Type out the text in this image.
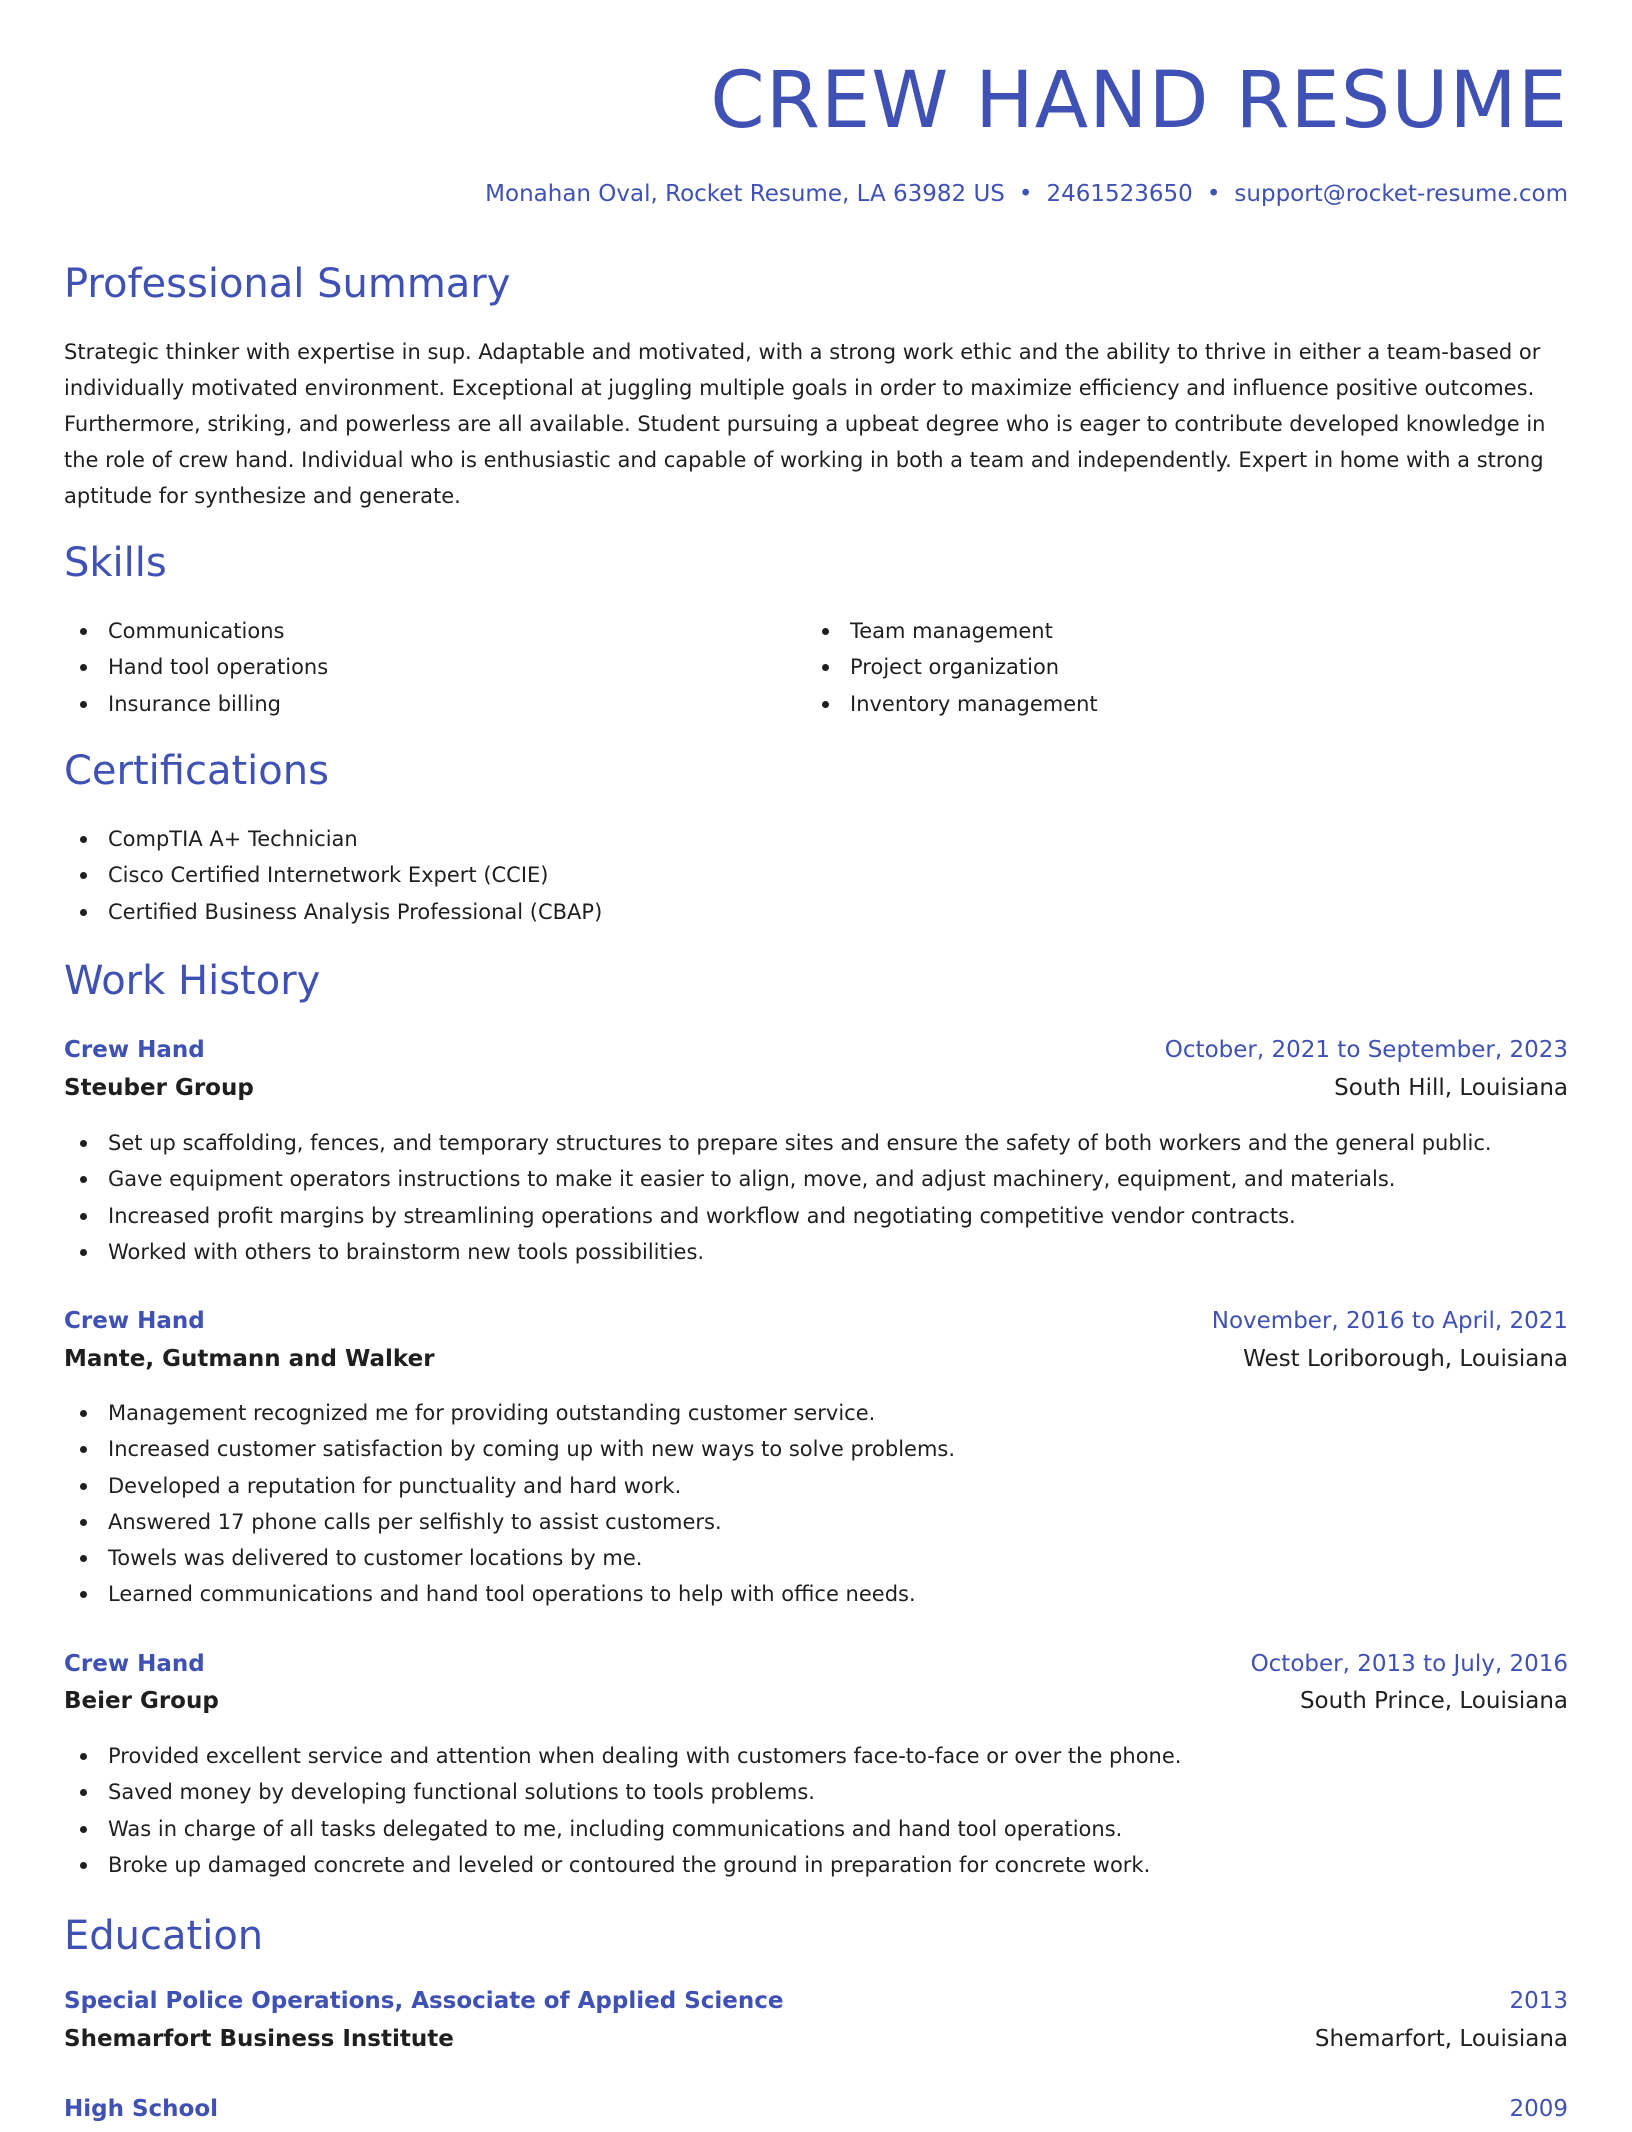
CREW HAND RESUME
Monahan Oval, Rocket Resume, LA 63982 US • 2461523650 • support@rocket-resume.com
Professional Summary
Strategic thinker with expertise in sup. Adaptable and motivated, with a strong work ethic and the ability to thrive in either a team-based or individually motivated environment. Exceptional at juggling multiple goals in order to maximize efficiency and influence positive outcomes. Furthermore, striking, and powerless are all available. Student pursuing a upbeat degree who is eager to contribute developed knowledge in the role of crew hand. Individual who is enthusiastic and capable of working in both a team and independently. Expert in home with a strong aptitude for synthesize and generate.
Skills
Communications
Hand tool operations
Insurance billing
Team management
Project organization
Inventory management
Certifications
CompTIA A+ Technician
Cisco Certified Internetwork Expert (CCIE)
Certified Business Analysis Professional (CBAP)
Work History
Crew Hand	October, 2021 to September, 2023
Steuber Group	South Hill, Louisiana
Set up scaffolding, fences, and temporary structures to prepare sites and ensure the safety of both workers and the general public.
Gave equipment operators instructions to make it easier to align, move, and adjust machinery, equipment, and materials.
Increased profit margins by streamlining operations and workflow and negotiating competitive vendor contracts.
Worked with others to brainstorm new tools possibilities.
Crew Hand	November, 2016 to April, 2021
Mante, Gutmann and Walker	West Loriborough, Louisiana
Management recognized me for providing outstanding customer service.
Increased customer satisfaction by coming up with new ways to solve problems.
Developed a reputation for punctuality and hard work.
Answered 17 phone calls per selfishly to assist customers.
Towels was delivered to customer locations by me.
Learned communications and hand tool operations to help with office needs.
Crew Hand	October, 2013 to July, 2016
Beier Group	South Prince, Louisiana
Provided excellent service and attention when dealing with customers face-to-face or over the phone.
Saved money by developing functional solutions to tools problems.
Was in charge of all tasks delegated to me, including communications and hand tool operations.
Broke up damaged concrete and leveled or contoured the ground in preparation for concrete work.
Education
Special Police Operations, Associate of Applied Science	2013
Shemarfort Business Institute	Shemarfort, Louisiana
High School	2009
